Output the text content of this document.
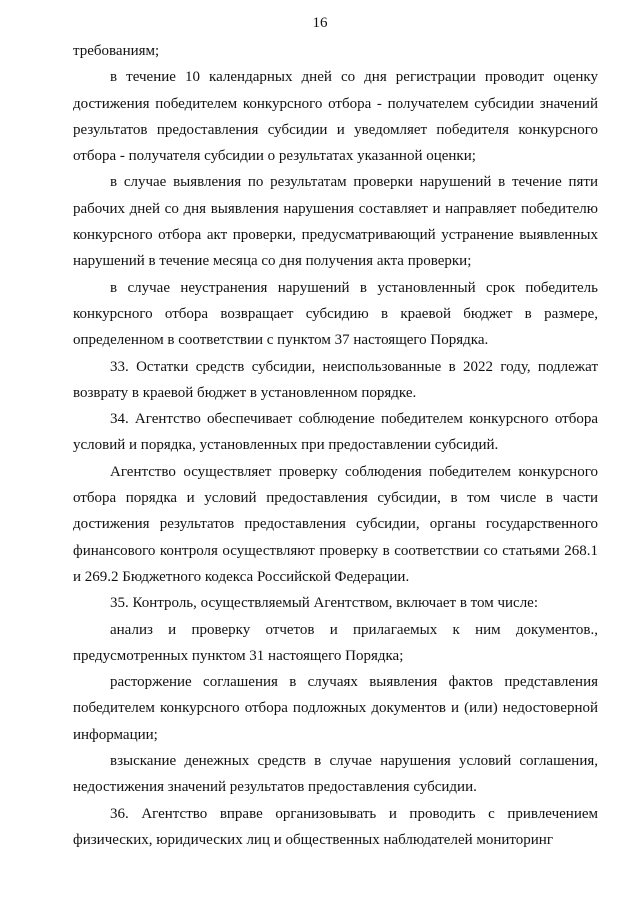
16

требованиям;

в течение 10 календарных дней со дня регистрации проводит оценку достижения победителем конкурсного отбора - получателем субсидии значений результатов предоставления субсидии и уведомляет победителя конкурсного отбора - получателя субсидии о результатах указанной оценки;

в случае выявления по результатам проверки нарушений в течение пяти рабочих дней со дня выявления нарушения составляет и направляет победителю конкурсного отбора акт проверки, предусматривающий устранение выявленных нарушений в течение месяца со дня получения акта проверки;

в случае неустранения нарушений в установленный срок победитель конкурсного отбора возвращает субсидию в краевой бюджет в размере, определенном в соответствии с пунктом 37 настоящего Порядка.

33. Остатки средств субсидии, неиспользованные в 2022 году, подлежат возврату в краевой бюджет в установленном порядке.

34. Агентство обеспечивает соблюдение победителем конкурсного отбора условий и порядка, установленных при предоставлении субсидий.

Агентство осуществляет проверку соблюдения победителем конкурсного отбора порядка и условий предоставления субсидии, в том числе в части достижения результатов предоставления субсидии, органы государственного финансового контроля осуществляют проверку в соответствии со статьями 268.1 и 269.2 Бюджетного кодекса Российской Федерации.

35. Контроль, осуществляемый Агентством, включает в том числе:

анализ и проверку отчетов и прилагаемых к ним документов., предусмотренных пунктом 31 настоящего Порядка;

расторжение соглашения в случаях выявления фактов представления победителем конкурсного отбора подложных документов и (или) недостоверной информации;

взыскание денежных средств в случае нарушения условий соглашения, недостижения значений результатов предоставления субсидии.

36. Агентство вправе организовывать и проводить с привлечением физических, юридических лиц и общественных наблюдателей мониторинг
